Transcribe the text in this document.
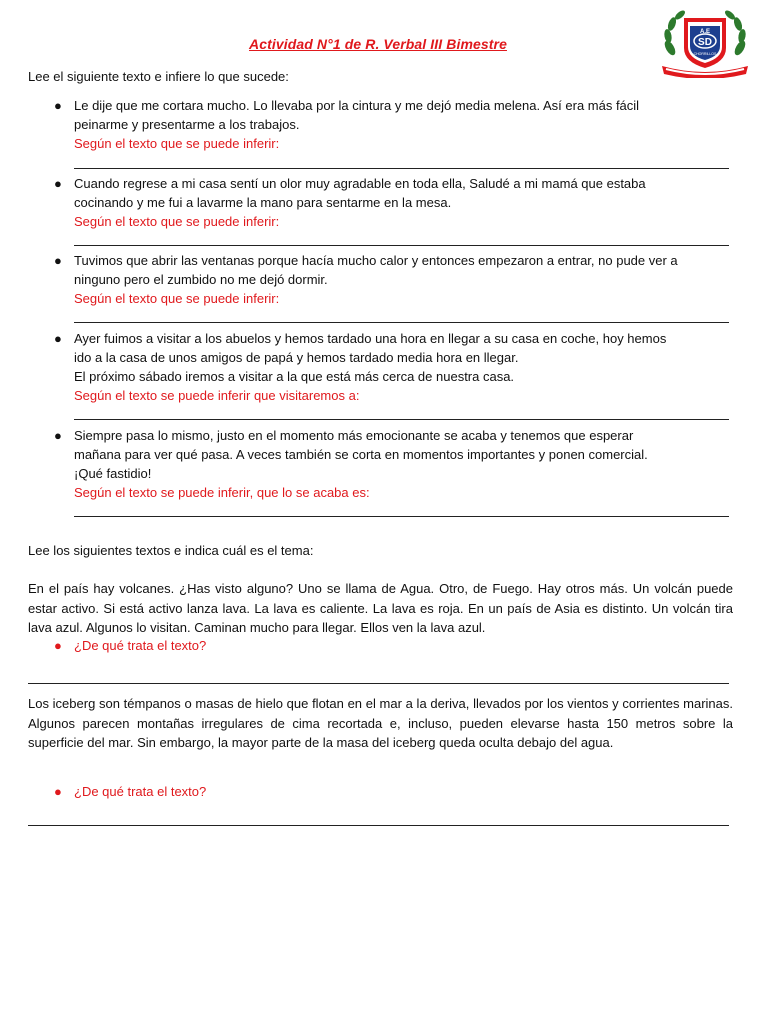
Actividad N°1 de R. Verbal III Bimestre
A.E
SD
CHORRILLOS
Lee el siguiente texto e infiere lo que sucede:
● Le dije que me cortara mucho. Lo llevaba por la cintura y me dejó media melena. Así era más fácil
peinarme y presentarme a los trabajos.
Según el texto que se puede inferir:
● Cuando regrese a mi casa sentí un olor muy agradable en toda ella, Saludé a mi mamá que estaba
cocinando y me fui a lavarme la mano para sentarme en la mesa.
Según el texto que se puede inferir:
● Tuvimos que abrir las ventanas porque hacía mucho calor y entonces empezaron a entrar, no pude ver a
ninguno pero el zumbido no me dejó dormir.
Según el texto que se puede inferir:
● Ayer fuimos a visitar a los abuelos y hemos tardado una hora en llegar a su casa en coche, hoy hemos
ido a la casa de unos amigos de papá y hemos tardado media hora en llegar.
El próximo sábado iremos a visitar a la que está más cerca de nuestra casa.
Según el texto se puede inferir que visitaremos a:
● Siempre pasa lo mismo, justo en el momento más emocionante se acaba y tenemos que esperar
mañana para ver qué pasa. A veces también se corta en momentos importantes y ponen comercial.
¡Qué fastidio!
Según el texto se puede inferir, que lo se acaba es:
Lee los siguientes textos e indica cuál es el tema:
En el país hay volcanes. ¿Has visto alguno? Uno se llama de Agua. Otro, de Fuego. Hay otros más. Un volcán puede estar activo. Si está activo lanza lava. La lava es caliente. La lava es roja. En un país de Asia es distinto. Un volcán tira lava azul. Algunos lo visitan. Caminan mucho para llegar. Ellos ven la lava azul.
● ¿De qué trata el texto?
Los iceberg son témpanos o masas de hielo que flotan en el mar a la deriva, llevados por los vientos y corrientes marinas. Algunos parecen montañas irregulares de cima recortada e, incluso, pueden elevarse hasta 150 metros sobre la superficie del mar. Sin embargo, la mayor parte de la masa del iceberg queda oculta debajo del agua.
● ¿De qué trata el texto?
